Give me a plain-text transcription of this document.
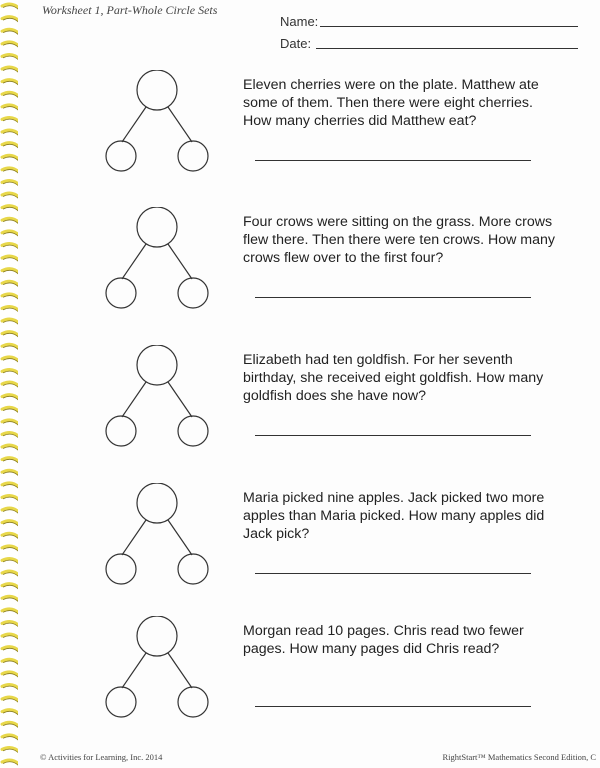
Worksheet 1, Part-Whole Circle Sets
Name:
Date:
Eleven cherries were on the plate. Matthew ate some of them. Then there were eight cherries. How many cherries did Matthew eat?
Four crows were sitting on the grass. More crows flew there. Then there were ten crows. How many crows flew over to the first four?
Elizabeth had ten goldfish. For her seventh birthday, she received eight goldfish. How many goldfish does she have now?
Maria picked nine apples. Jack picked two more apples than Maria picked. How many apples did Jack pick?
Morgan read 10 pages. Chris read two fewer pages. How many pages did Chris read?
© Activities for Learning, Inc. 2014	RightStart™ Mathematics Second Edition, C
